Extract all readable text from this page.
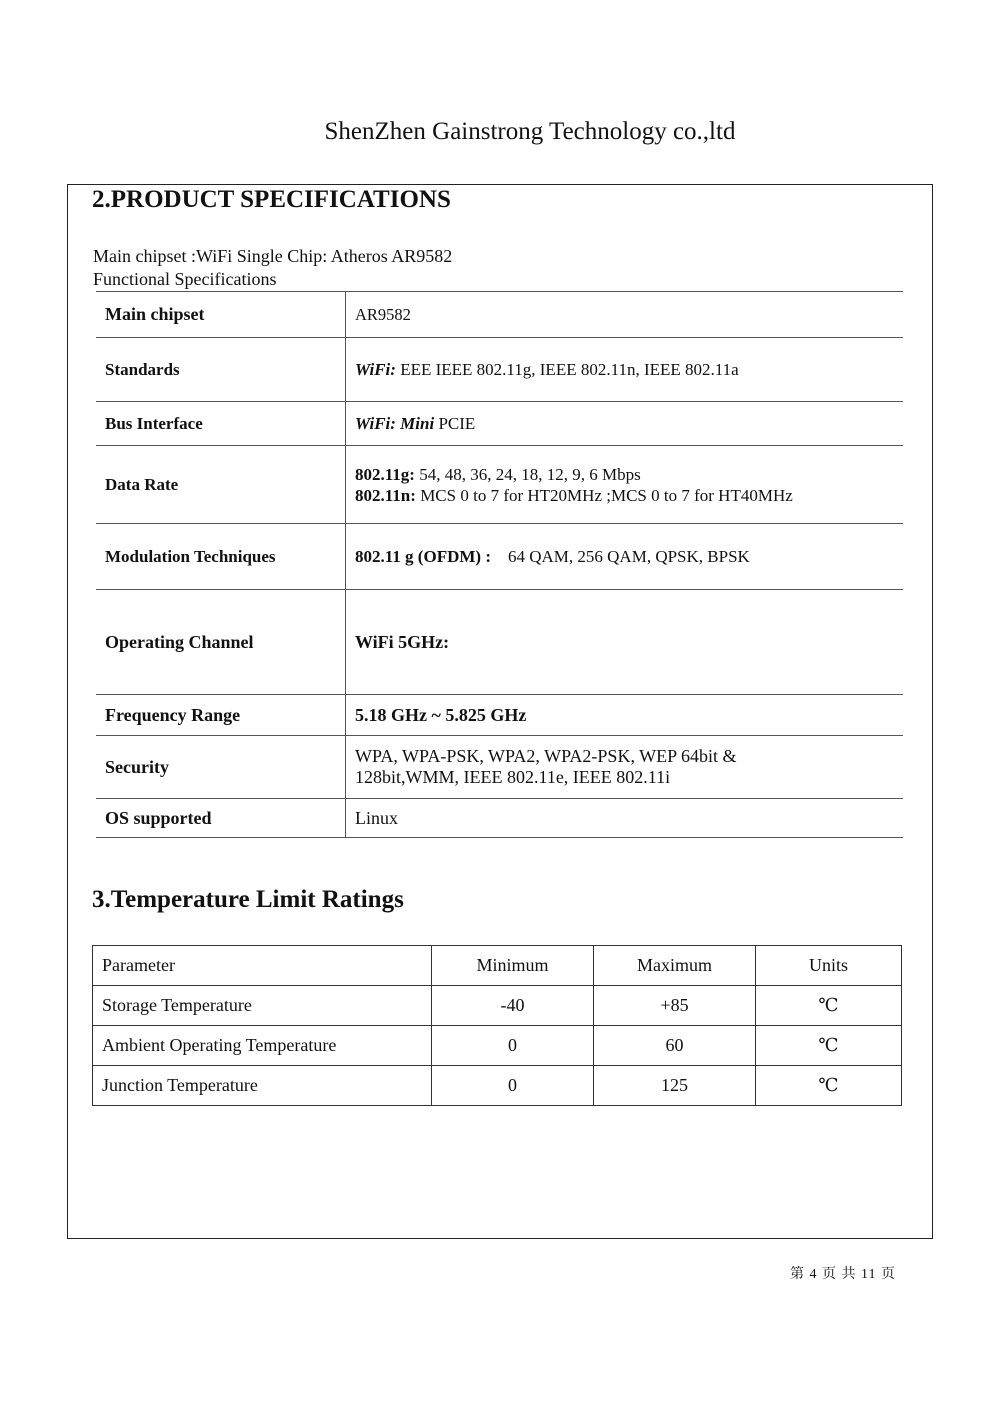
ShenZhen Gainstrong Technology co.,ltd
2.PRODUCT SPECIFICATIONS
Main chipset :WiFi Single Chip: Atheros AR9582
Functional Specifications
Main chipset	AR9582
Standards	WiFi: EEE IEEE 802.11g, IEEE 802.11n, IEEE 802.11a
Bus Interface	WiFi: Mini PCIE
Data Rate	802.11g: 54, 48, 36, 24, 18, 12, 9, 6 Mbps
802.11n: MCS 0 to 7 for HT20MHz ;MCS 0 to 7 for HT40MHz

Modulation Techniques	802.11 g (OFDM) :    64 QAM, 256 QAM, QPSK, BPSK
Operating Channel	WiFi 5GHz:
Frequency Range	5.18 GHz ~ 5.825 GHz
Security	WPA, WPA-PSK, WPA2, WPA2-PSK, WEP 64bit &
128bit,WMM, IEEE 802.11e, IEEE 802.11i

OS supported	Linux
3.Temperature Limit Ratings
Parameter	Minimum	Maximum	Units
Storage Temperature	-40	+85	℃
Ambient Operating Temperature	0	60	℃
Junction Temperature	0	125	℃
第 4 页 共 11 页
